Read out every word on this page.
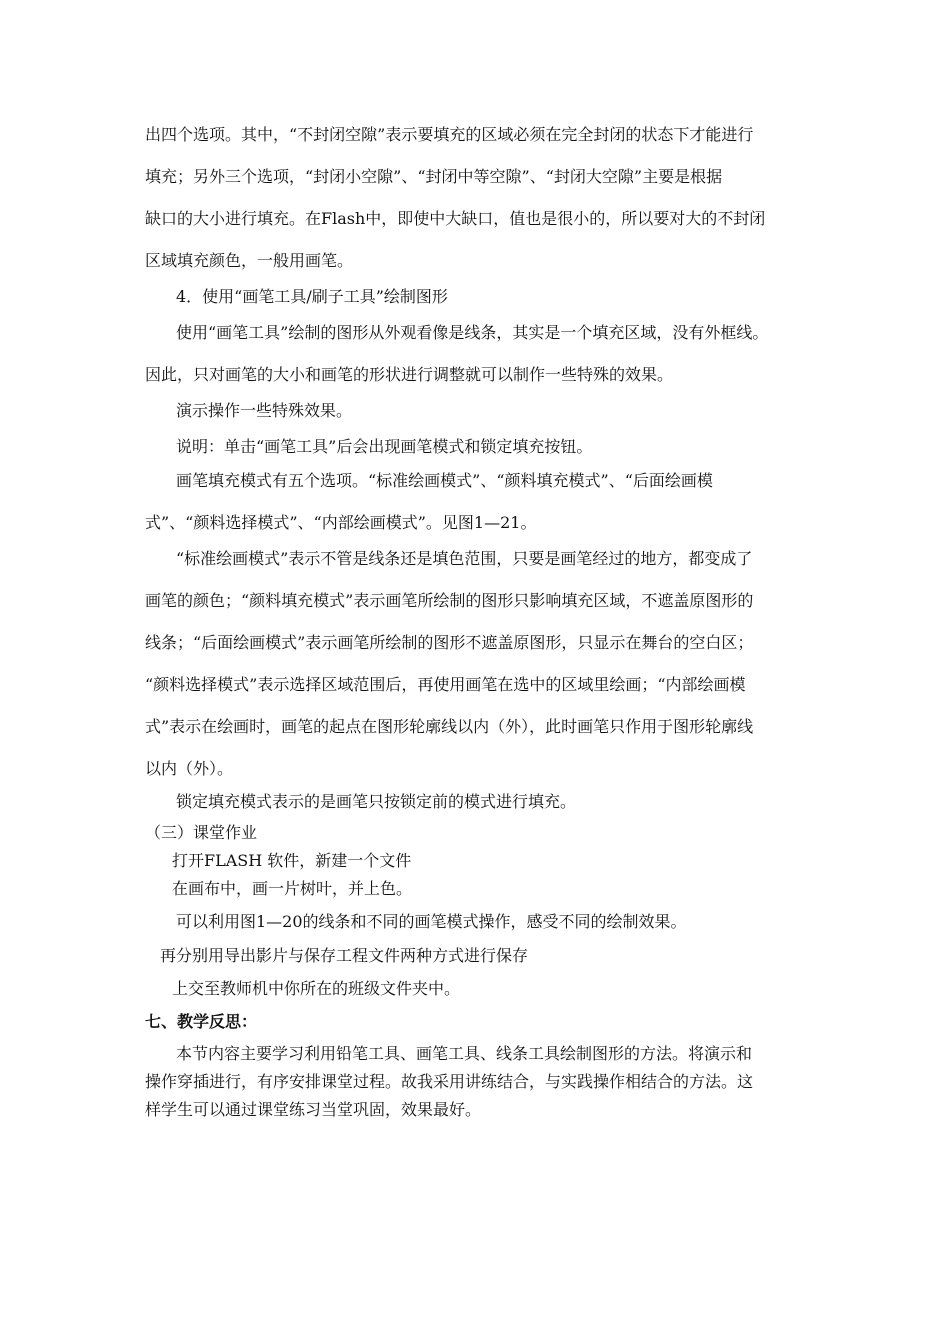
出四个选项。其中，“不封闭空隙”表示要填充的区域必须在完全封闭的状态下才能进行
填充；另外三个选项，“封闭小空隙”、“封闭中等空隙”、“封闭大空隙”主要是根据
缺口的大小进行填充。在Flash中，即使中大缺口，值也是很小的，所以要对大的不封闭
区域填充颜色，一般用画笔。
4．使用“画笔工具/刷子工具”绘制图形
使用“画笔工具”绘制的图形从外观看像是线条，其实是一个填充区域，没有外框线。
因此，只对画笔的大小和画笔的形状进行调整就可以制作一些特殊的效果。
演示操作一些特殊效果。
说明：单击“画笔工具”后会出现画笔模式和锁定填充按钮。
画笔填充模式有五个选项。“标准绘画模式”、“颜料填充模式”、“后面绘画模
式”、“颜料选择模式”、“内部绘画模式”。见图1—21。
“标准绘画模式”表示不管是线条还是填色范围，只要是画笔经过的地方，都变成了
画笔的颜色；“颜料填充模式”表示画笔所绘制的图形只影响填充区域，不遮盖原图形的
线条；“后面绘画模式”表示画笔所绘制的图形不遮盖原图形，只显示在舞台的空白区；
“颜料选择模式”表示选择区域范围后，再使用画笔在选中的区域里绘画；“内部绘画模
式”表示在绘画时，画笔的起点在图形轮廓线以内（外），此时画笔只作用于图形轮廓线
以内（外）。
锁定填充模式表示的是画笔只按锁定前的模式进行填充。
（三）课堂作业
打开FLASH 软件，新建一个文件
在画布中，画一片树叶，并上色。
可以利用图1—20的线条和不同的画笔模式操作，感受不同的绘制效果。
再分别用导出影片与保存工程文件两种方式进行保存
上交至教师机中你所在的班级文件夹中。
七、教学反思：
本节内容主要学习利用铅笔工具、画笔工具、线条工具绘制图形的方法。将演示和
操作穿插进行，有序安排课堂过程。故我采用讲练结合，与实践操作相结合的方法。这
样学生可以通过课堂练习当堂巩固，效果最好。
